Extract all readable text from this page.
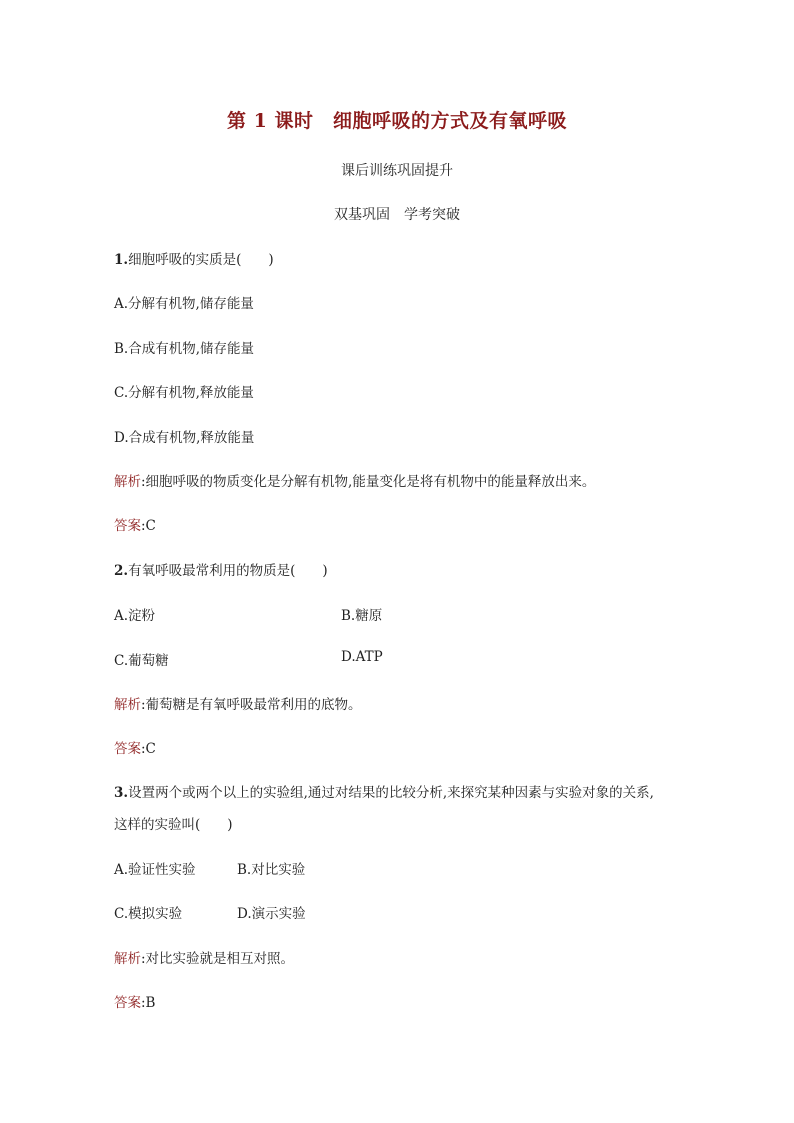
第 1 课时　细胞呼吸的方式及有氧呼吸
课后训练巩固提升
双基巩固　学考突破
1.细胞呼吸的实质是(　　)
A.分解有机物,储存能量
B.合成有机物,储存能量
C.分解有机物,释放能量
D.合成有机物,释放能量
解析:细胞呼吸的物质变化是分解有机物,能量变化是将有机物中的能量释放出来。
答案:C
2.有氧呼吸最常利用的物质是(　　)
A.淀粉	B.糖原
C.葡萄糖	D.ATP
解析:葡萄糖是有氧呼吸最常利用的底物。
答案:C
3.设置两个或两个以上的实验组,通过对结果的比较分析,来探究某种因素与实验对象的关系,
这样的实验叫(　　)
A.验证性实验	B.对比实验
C.模拟实验	D.演示实验
解析:对比实验就是相互对照。
答案:B
